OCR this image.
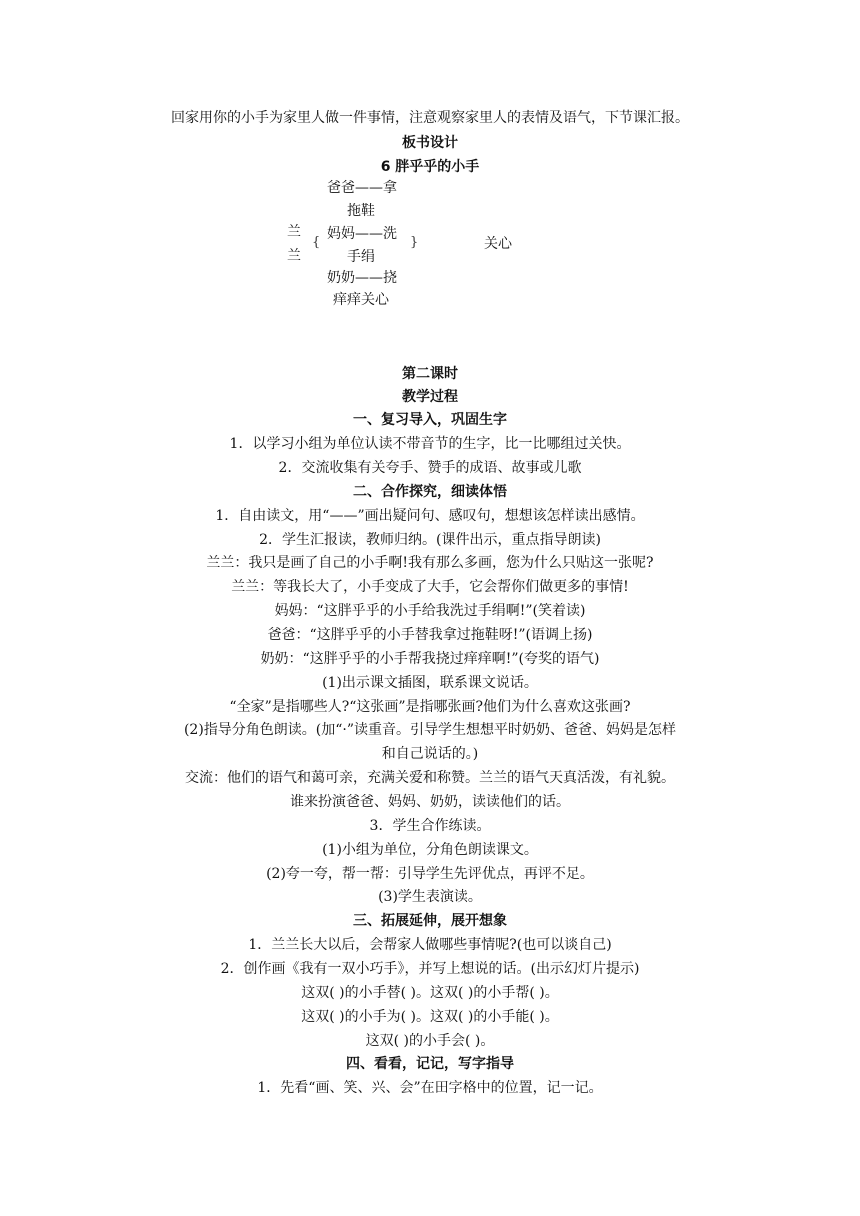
回家用你的小手为家里人做一件事情，注意观察家里人的表情及语气，下节课汇报。
板书设计
6 胖乎乎的小手
爸爸——拿
拖鞋
兰
{
妈妈——洗
}	关心
手绢
兰
奶奶——挠
痒痒关心
第二课时
教学过程
一、复习导入，巩固生字
1．以学习小组为单位认读不带音节的生字，比一比哪组过关快。
2．交流收集有关夸手、赞手的成语、故事或儿歌
二、合作探究，细读体悟
1．自由读文，用“——”画出疑问句、感叹句，想想该怎样读出感情。
2．学生汇报读，教师归纳。(课件出示，重点指导朗读)
兰兰：我只是画了自己的小手啊!我有那么多画，您为什么只贴这一张呢?
兰兰：等我长大了，小手变成了大手，它会帮你们做更多的事情!
妈妈：“这胖乎乎的小手给我洗过手绢啊!”(笑着读)
爸爸：“这胖乎乎的小手替我拿过拖鞋呀!”(语调上扬)
奶奶：“这胖乎乎的小手帮我挠过痒痒啊!”(夸奖的语气)
(1)出示课文插图，联系课文说话。
“全家”是指哪些人?“这张画”是指哪张画?他们为什么喜欢这张画?
(2)指导分角色朗读。(加“·”读重音。引导学生想想平时奶奶、爸爸、妈妈是怎样
和自己说话的。)
交流：他们的语气和蔼可亲，充满关爱和称赞。兰兰的语气天真活泼，有礼貌。
谁来扮演爸爸、妈妈、奶奶，读读他们的话。
3．学生合作练读。
(1)小组为单位，分角色朗读课文。
(2)夸一夸，帮一帮：引导学生先评优点，再评不足。
(3)学生表演读。
三、拓展延伸，展开想象
1．兰兰长大以后，会帮家人做哪些事情呢?(也可以谈自己)
2．创作画《我有一双小巧手》，并写上想说的话。(出示幻灯片提示)
这双( )的小手替( )。这双( )的小手帮( )。
这双( )的小手为( )。这双( )的小手能( )。
这双( )的小手会( )。
四、看看，记记，写字指导
1．先看“画、笑、兴、会”在田字格中的位置，记一记。
